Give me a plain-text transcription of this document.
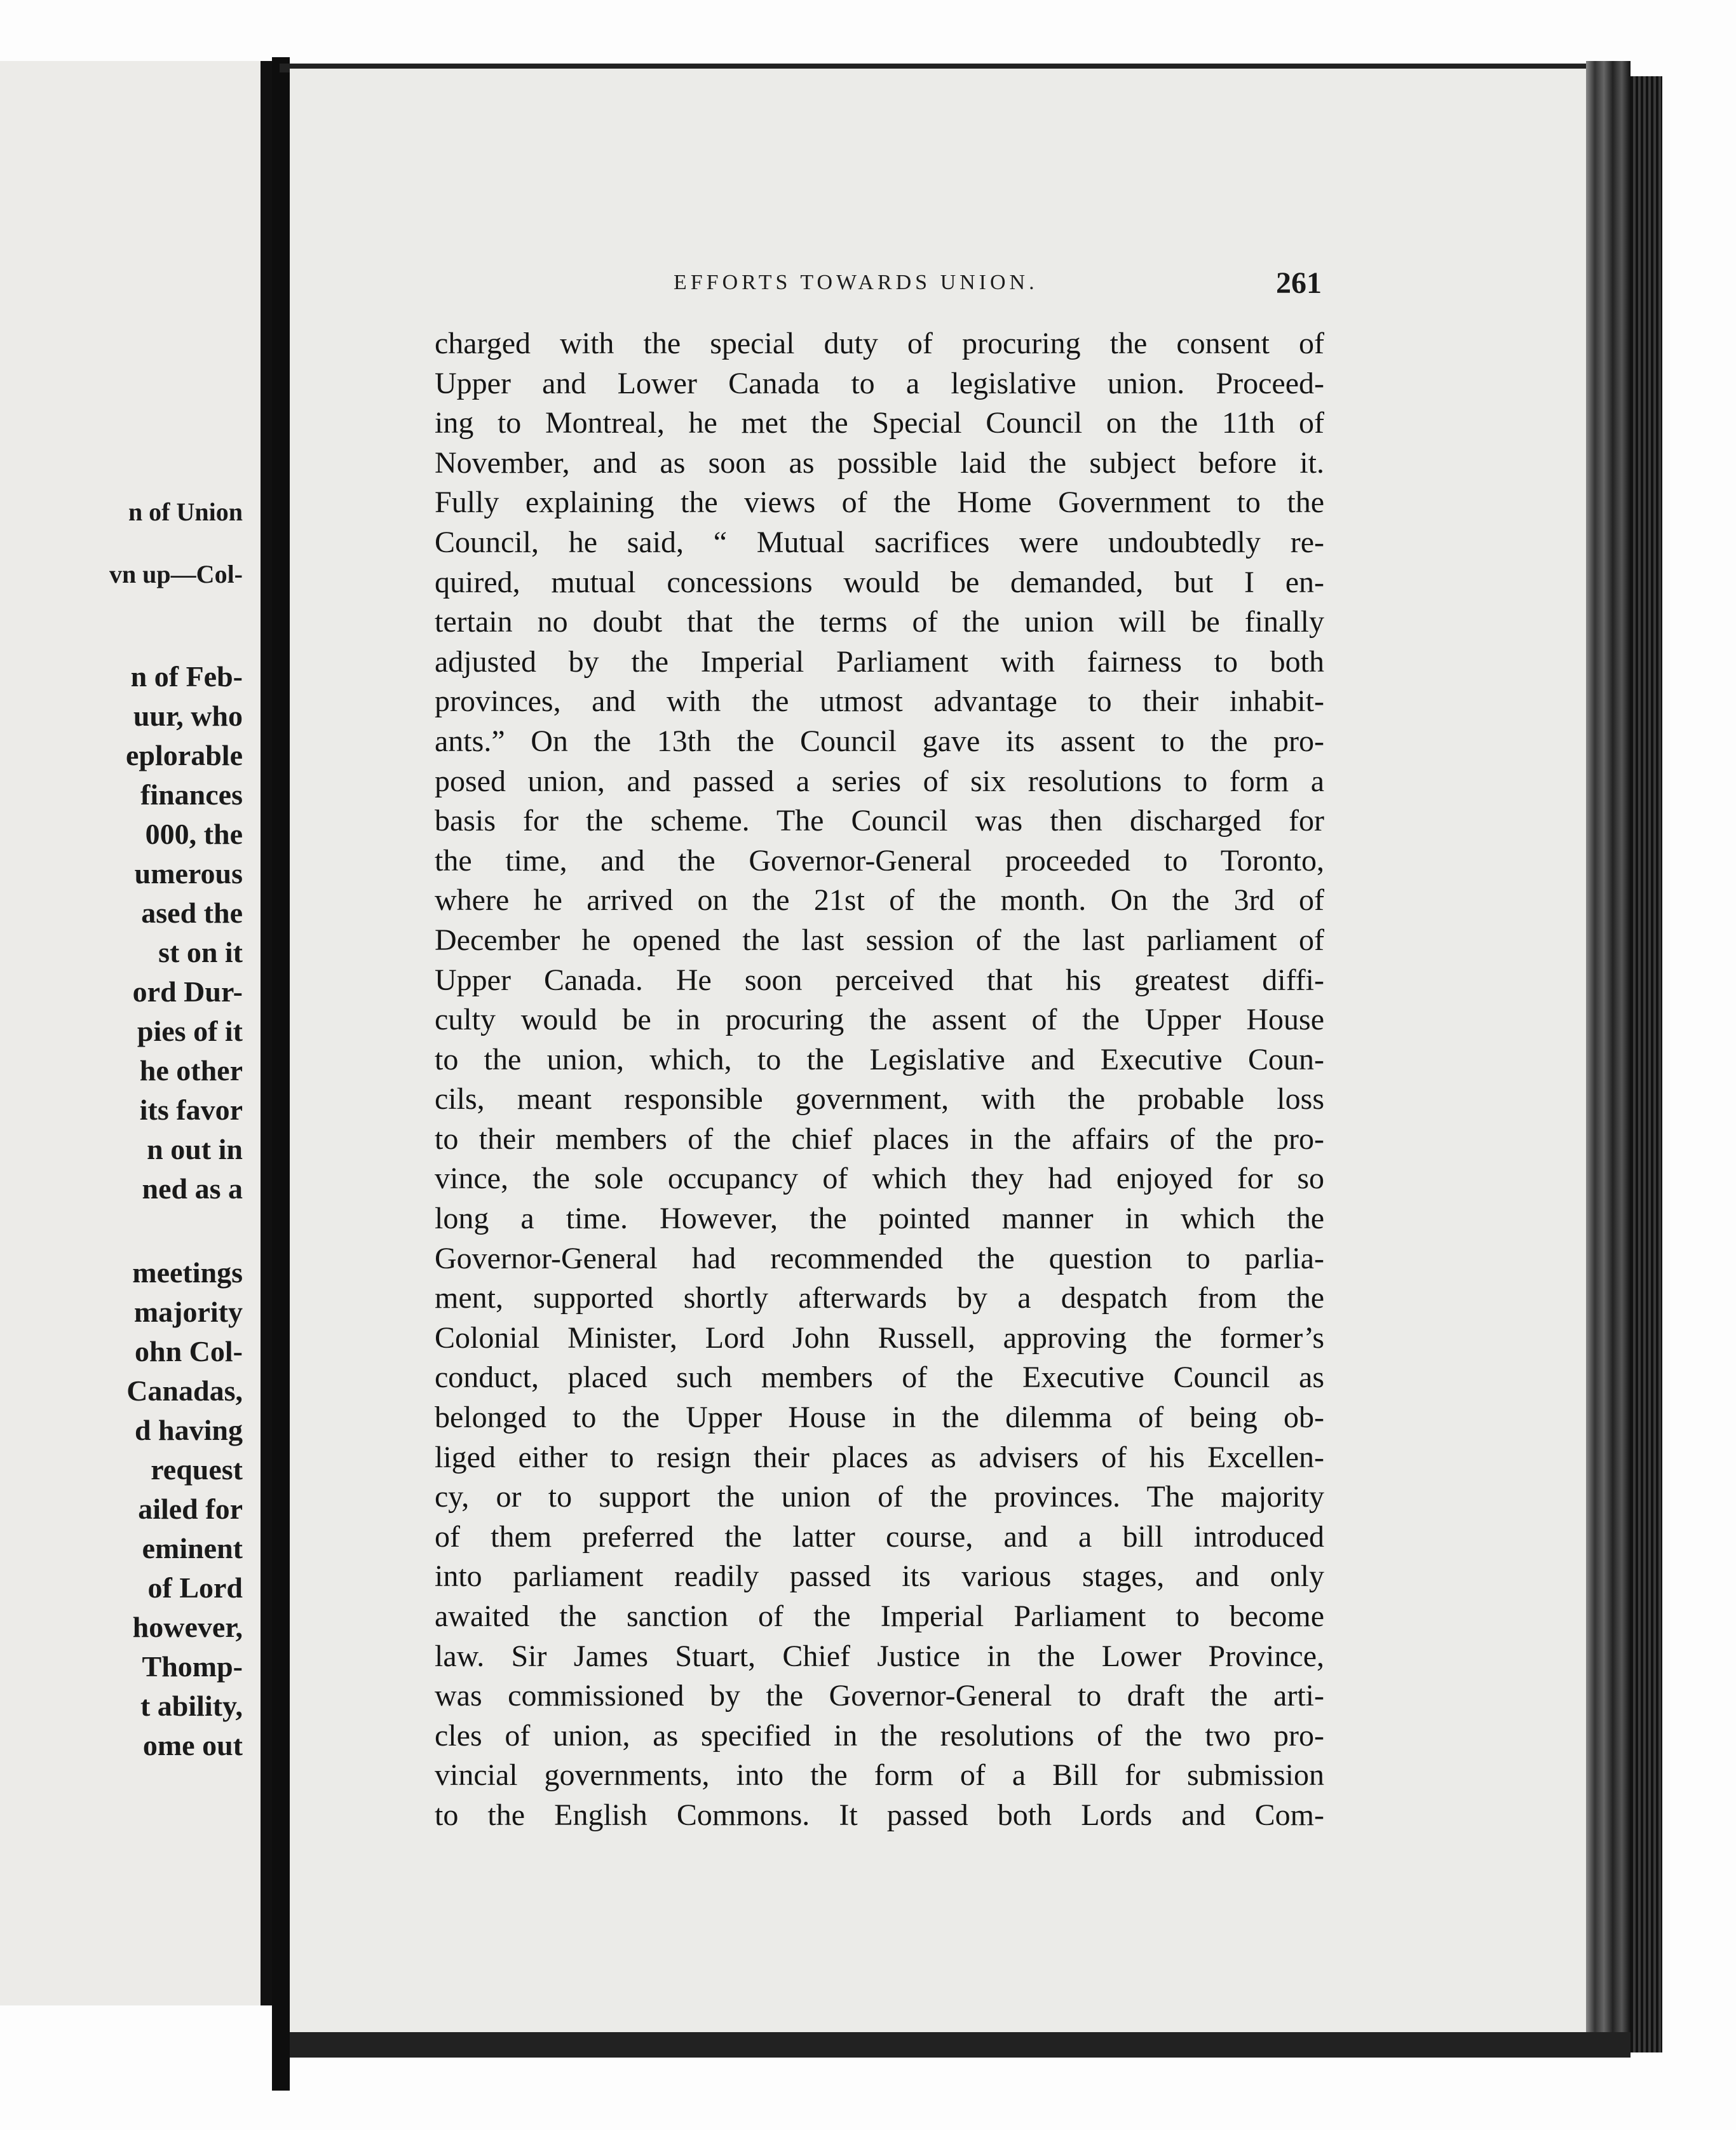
n of Union
vn up—Col-
n of Feb-
uur, who
eplorable
finances
000, the
umerous
ased the
st on it
ord Dur-
pies of it
he other
its favor
n out in
ned as a
meetings
majority
ohn Col-
Canadas,
d having
request
ailed for
eminent
of Lord
however,
Thomp-
t ability,
ome out
EFFORTS TOWARDS UNION.	261
charged with the special duty of procuring the consent of
Upper and Lower Canada to a legislative union. Proceed-
ing to Montreal, he met the Special Council on the 11th of
November, and as soon as possible laid the subject before it.
Fully explaining the views of the Home Government to the
Council, he said, “ Mutual sacrifices were undoubtedly re-
quired, mutual concessions would be demanded, but I en-
tertain no doubt that the terms of the union will be finally
adjusted by the Imperial Parliament with fairness to both
provinces, and with the utmost advantage to their inhabit-
ants.” On the 13th the Council gave its assent to the pro-
posed union, and passed a series of six resolutions to form a
basis for the scheme. The Council was then discharged for
the time, and the Governor-General proceeded to Toronto,
where he arrived on the 21st of the month. On the 3rd of
December he opened the last session of the last parliament of
Upper Canada. He soon perceived that his greatest diffi-
culty would be in procuring the assent of the Upper House
to the union, which, to the Legislative and Executive Coun-
cils, meant responsible government, with the probable loss
to their members of the chief places in the affairs of the pro-
vince, the sole occupancy of which they had enjoyed for so
long a time. However, the pointed manner in which the
Governor-General had recommended the question to parlia-
ment, supported shortly afterwards by a despatch from the
Colonial Minister, Lord John Russell, approving the former’s
conduct, placed such members of the Executive Council as
belonged to the Upper House in the dilemma of being ob-
liged either to resign their places as advisers of his Excellen-
cy, or to support the union of the provinces. The majority
of them preferred the latter course, and a bill introduced
into parliament readily passed its various stages, and only
awaited the sanction of the Imperial Parliament to become
law. Sir James Stuart, Chief Justice in the Lower Province,
was commissioned by the Governor-General to draft the arti-
cles of union, as specified in the resolutions of the two pro-
vincial governments, into the form of a Bill for submission
to the English Commons. It passed both Lords and Com-
